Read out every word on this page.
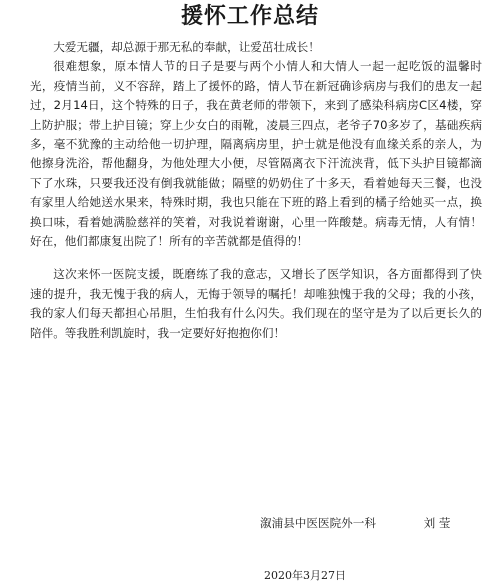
援怀工作总结

大爱无疆，却总源于那无私的奉献，让爱茁壮成长！

很难想象，原本情人节的日子是要与两个小情人和大情人一起一起吃饭的温馨时光，疫情当前，义不容辞，踏上了援怀的路，情人节在新冠确诊病房与我们的患友一起过，2月14日，这个特殊的日子，我在黄老师的带领下，来到了感染科病房C区4楼，穿上防护服；带上护目镜；穿上少女白的雨靴，凌晨三四点，老爷子70多岁了，基础疾病多，毫不犹豫的主动给他一切护理，隔离病房里，护士就是他没有血缘关系的亲人，为他擦身洗浴，帮他翻身，为他处理大小便，尽管隔离衣下汗流浃背，低下头护目镜都滴下了水珠，只要我还没有倒我就能做；隔壁的奶奶住了十多天，看着她每天三餐，也没有家里人给她送水果来，特殊时期，我也只能在下班的路上看到的橘子给她买一点，换换口味，看着她满脸慈祥的笑着，对我说着谢谢，心里一阵酸楚。病毒无情，人有情！好在，他们都康复出院了！所有的辛苦就都是值得的！

这次来怀一医院支援，既磨练了我的意志，又增长了医学知识，各方面都得到了快速的提升，我无愧于我的病人，无悔于领导的嘱托！却唯独愧于我的父母；我的小孩，我的家人们每天都担心吊胆，生怕我有什么闪失。我们现在的坚守是为了以后更长久的陪伴。等我胜利凯旋时，我一定要好好抱抱你们！

溆浦县中医医院外一科	刘 莹
2020年3月27日
